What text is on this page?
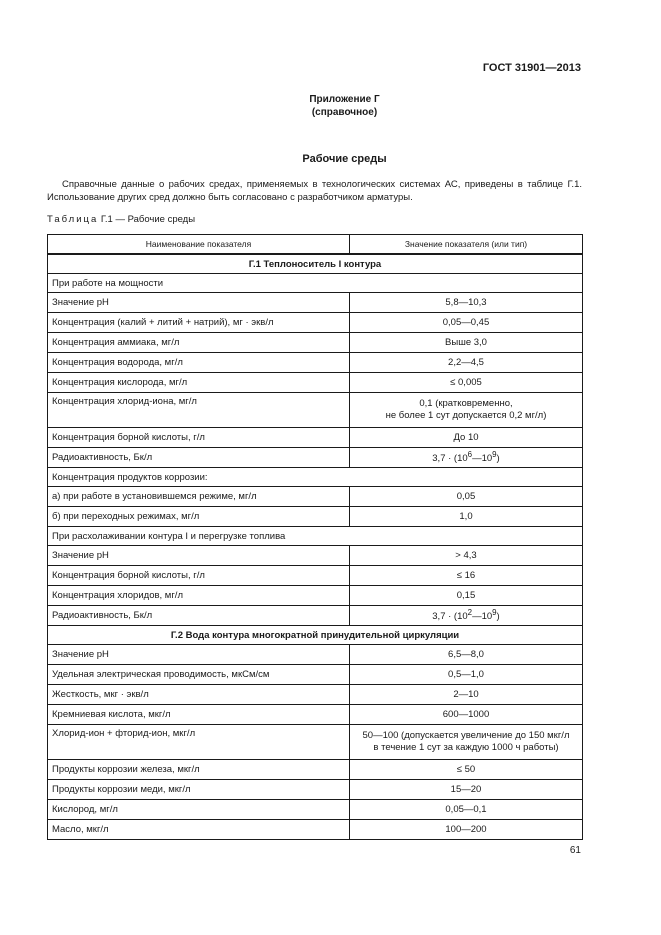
ГОСТ 31901—2013
Приложение Г
(справочное)
Рабочие среды
Справочные данные о рабочих средах, применяемых в технологических системах АС, приведены в таблице Г.1. Использование других сред должно быть согласовано с разработчиком арматуры.
Таблица Г.1 — Рабочие среды
Наименование показателя	Значение показателя (или тип)
Г.1 Теплоноситель I контура	
При работе на мощности	
Значение pH	5,8—10,3
Концентрация (калий + литий + натрий), мг · экв/л	0,05—0,45
Концентрация аммиака, мг/л	Выше 3,0
Концентрация водорода, мг/л	2,2—4,5
Концентрация кислорода, мг/л	≤ 0,005
Концентрация хлорид-иона, мг/л	0,1 (кратковременно,
не более 1 сут допускается 0,2 мг/л)

Концентрация борной кислоты, г/л	До 10
Радиоактивность, Бк/л	$3,7 \cdot (10^6—10^9)$
Концентрация продуктов коррозии:	
а) при работе в установившемся режиме, мг/л	0,05
б) при переходных режимах, мг/л	1,0
При расхолаживании контура I и перегрузке топлива	
Значение pH	> 4,3
Концентрация борной кислоты, г/л	≤ 16
Концентрация хлоридов, мг/л	0,15
Радиоактивность, Бк/л	$3,7 \cdot (10^2—10^9)$
Г.2 Вода контура многократной принудительной циркуляции	
Значение pH	6,5—8,0
Удельная электрическая проводимость, мкСм/см	0,5—1,0
Жесткость, мкг · экв/л	2—10
Кремниевая кислота, мкг/л	600—1000
Хлорид-ион + фторид-ион, мкг/л	50—100 (допускается увеличение до 150 мкг/л
в течение 1 сут за каждую 1000 ч работы)

Продукты коррозии железа, мкг/л	≤ 50
Продукты коррозии меди, мкг/л	15—20
Кислород, мг/л	0,05—0,1
Масло, мкг/л	100—200
61
